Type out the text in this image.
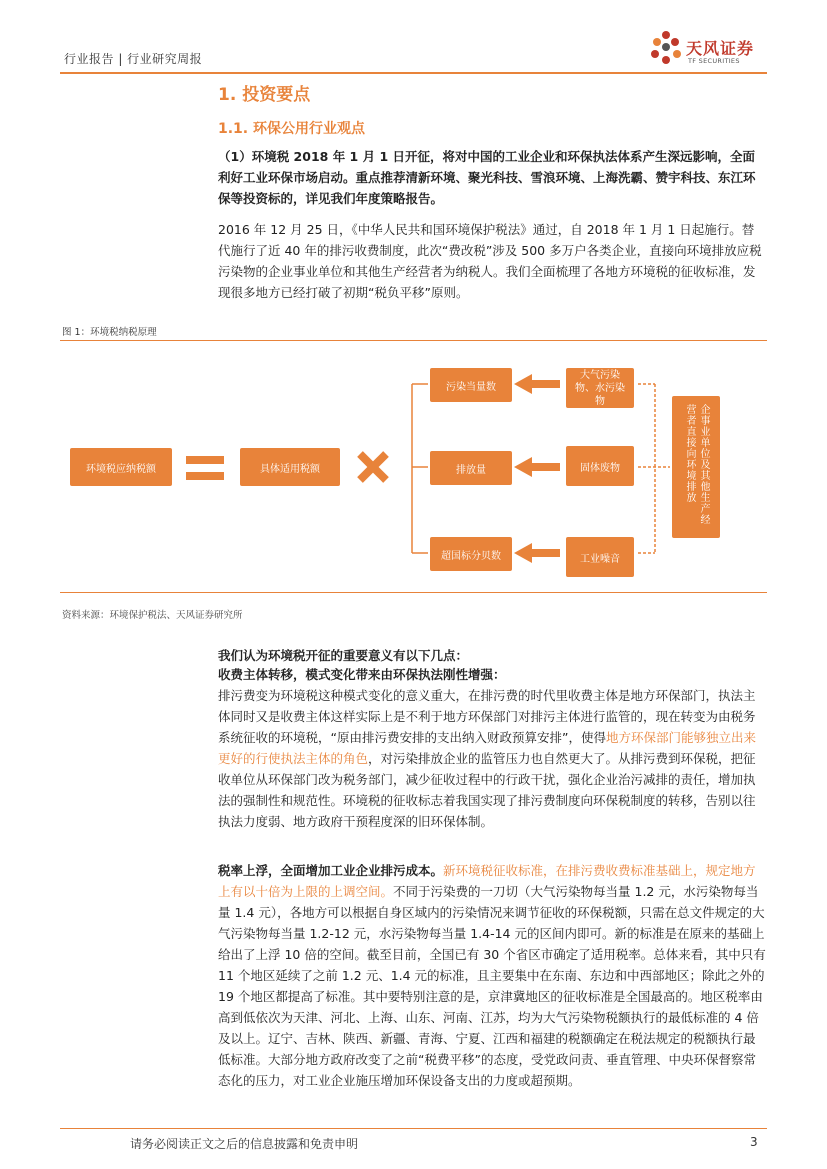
行业报告 | 行业研究周报
天风证券
TF SECURITIES
1. 投资要点
1.1. 环保公用行业观点
（1）环境税 2018 年 1 月 1 日开征，将对中国的工业企业和环保执法体系产生深远影响，全面利好工业环保市场启动。重点推荐清新环境、聚光科技、雪浪环境、上海洗霸、赞宇科技、东江环保等投资标的，详见我们年度策略报告。
2016 年 12 月 25 日，《中华人民共和国环境保护税法》通过，自 2018 年 1 月 1 日起施行。替代施行了近 40 年的排污收费制度，此次“费改税”涉及 500 多万户各类企业，直接向环境排放应税污染物的企业事业单位和其他生产经营者为纳税人。我们全面梳理了各地方环境税的征收标准，发现很多地方已经打破了初期“税负平移”原则。
图 1：环境税纳税原理
环境税应纳税额	具体适用税额
污染当量数
排放量
超国标分贝数
大气污染物、水污染物
固体废物
工业噪音
企事业单位及其他生产经
营者直接向环境排放
资料来源：环境保护税法、天风证券研究所
我们认为环境税开征的重要意义有以下几点：
收费主体转移，模式变化带来由环保执法刚性增强：
排污费变为环境税这种模式变化的意义重大，在排污费的时代里收费主体是地方环保部门，执法主体同时又是收费主体这样实际上是不利于地方环保部门对排污主体进行监管的，现在转变为由税务系统征收的环境税，“原由排污费安排的支出纳入财政预算安排”，使得地方环保部门能够独立出来更好的行使执法主体的角色，对污染排放企业的监管压力也自然更大了。从排污费到环保税，把征收单位从环保部门改为税务部门，减少征收过程中的行政干扰，强化企业治污减排的责任，增加执法的强制性和规范性。环境税的征收标志着我国实现了排污费制度向环保税制度的转移，告别以往执法力度弱、地方政府干预程度深的旧环保体制。
税率上浮，全面增加工业企业排污成本。新环境税征收标准，在排污费收费标准基础上，规定地方上有以十倍为上限的上调空间。不同于污染费的一刀切（大气污染物每当量 1.2 元，水污染物每当量 1.4 元），各地方可以根据自身区域内的污染情况来调节征收的环保税额，只需在总文件规定的大气污染物每当量 1.2-12 元，水污染物每当量 1.4-14 元的区间内即可。新的标准是在原来的基础上给出了上浮 10 倍的空间。截至目前，全国已有 30 个省区市确定了适用税率。总体来看，其中只有 11 个地区延续了之前 1.2 元、1.4 元的标准，且主要集中在东南、东边和中西部地区；除此之外的 19 个地区都提高了标准。其中要特别注意的是，京津冀地区的征收标准是全国最高的。地区税率由高到低依次为天津、河北、上海、山东、河南、江苏，均为大气污染物税额执行的最低标准的 4 倍及以上。辽宁、吉林、陕西、新疆、青海、宁夏、江西和福建的税额确定在税法规定的税额执行最低标准。大部分地方政府改变了之前“税费平移”的态度，受党政问责、垂直管理、中央环保督察常态化的压力，对工业企业施压增加环保设备支出的力度或超预期。
请务必阅读正文之后的信息披露和免责申明	3
